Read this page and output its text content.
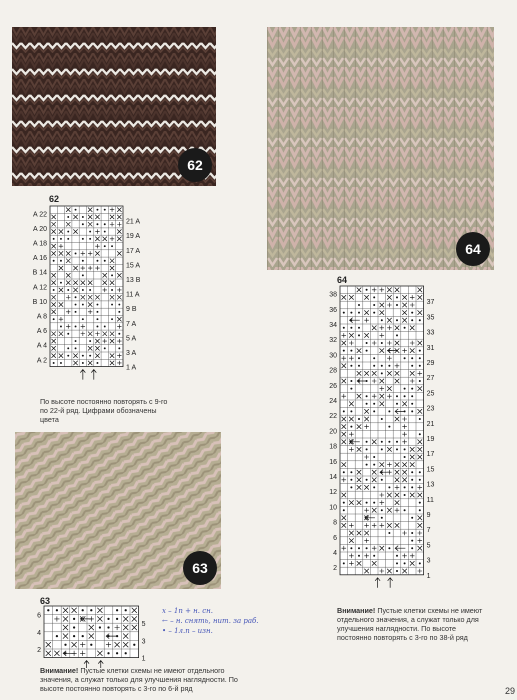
62
64
63
62
A 22
A 20
A 18
A 16
B 14
A 12
B 10
A 8
A 6
A 4
A 2
21 A
19 A
17 A
15 A
13 B
11 A
9 B
7 A
5 A
3 A
1 A
По высоте постоянно повторять с 9-го по 22-й ряд. Цифрами обозначены цвета
64
38
36
34
32
30
28
26
24
22
20
18
16
14
12
10
8
6
4
2
37
35
33
31
29
27
25
23
21
19
17
15
13
11
9
7
5
3
1
Внимание! Пустые клетки схемы не имеют отдельного значения, а служат только для улучшения наглядности. По высоте постоянно повторять с 3-го по 38-й ряд
63
6
4
2
5
3
1
Внимание! Пустые клетки схемы не имеют отдельного значения, а служат только для улучшения наглядности. По высоте постоянно повторять с 3-го по 6-й ряд
х – 1п + н. сн.
← – н. снять, нит. за раб.
• – 1л.п – изн.
29
